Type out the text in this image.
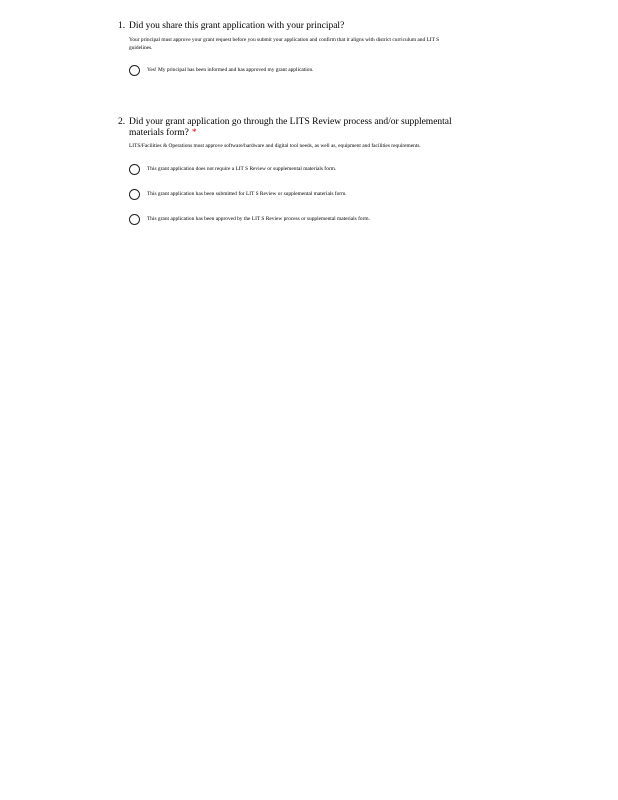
1. Did you share this grant application with your principal?
Your principal must approve your grant request before you submit your application and confirm that it aligns with district curriculum and LIT S guidelines.
Yes! My principal has been informed and has approved my grant application.
2. Did your grant application go through the LITS Review process and/or supplemental materials form? *
LITS/Facilities & Operations must approve software/hardware and digital tool needs, as well as, equipment and facilities requirements.
This grant application does not require a LIT S Review or supplemental materials form.
This grant application has been submitted for LIT S Review or supplemental materials form.
This grant application has been approved by the LIT S Review process or supplemental materials form.
